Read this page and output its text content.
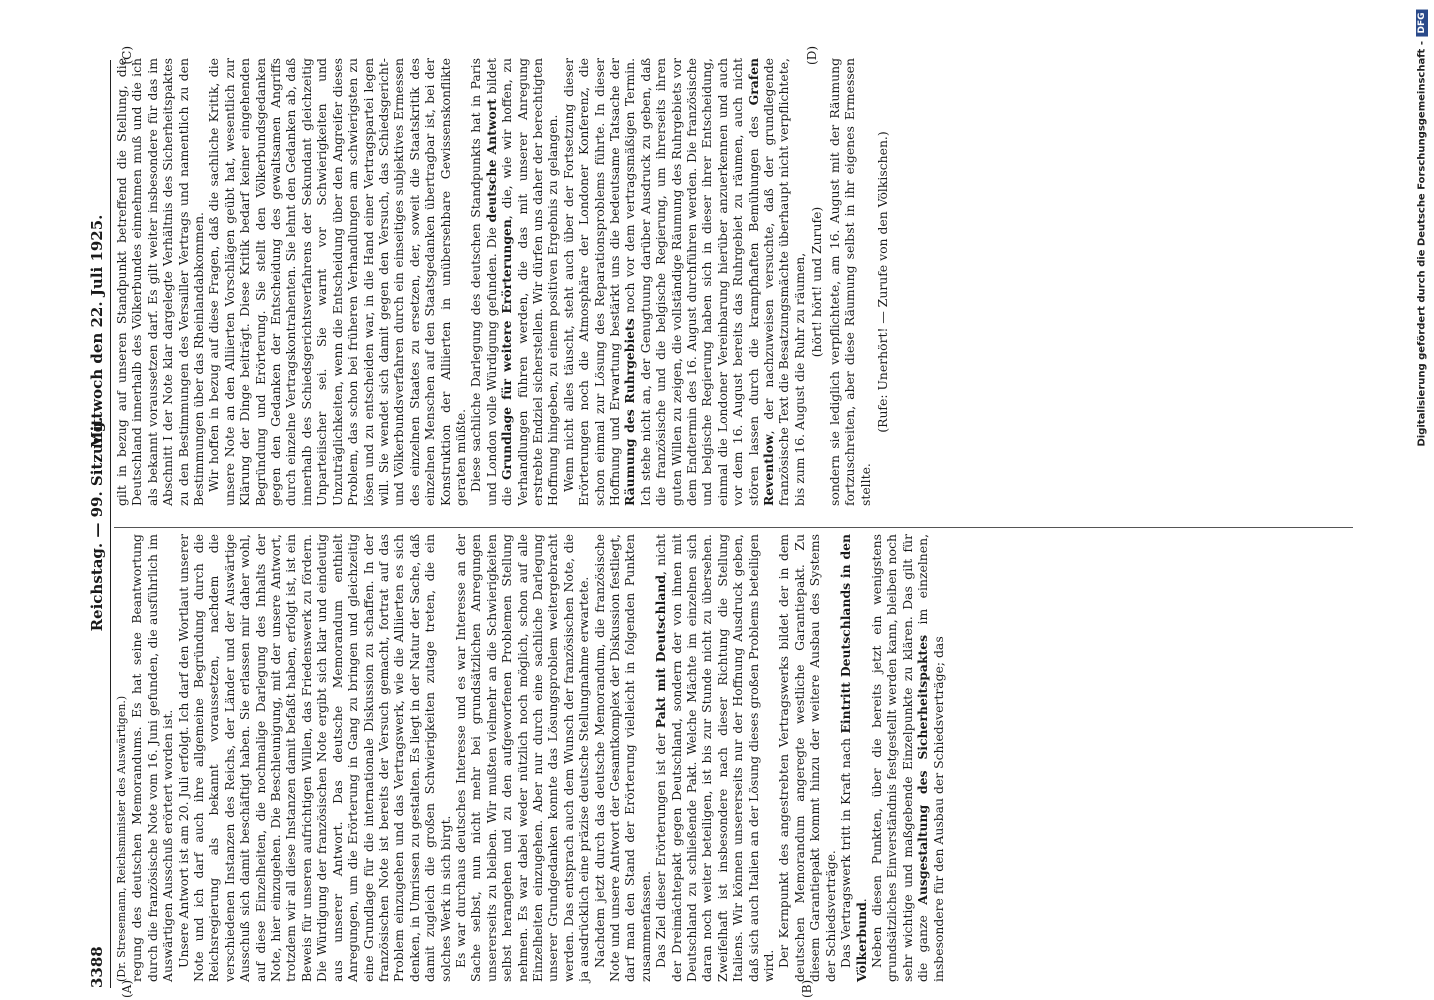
3388
Reichstag. — 99. Sitzung.
Mittwoch den 22. Juli 1925.
(A)	(B)
(C)	(D)

(Dr. Stresemann, Reichsminister des Auswärtigen.) regung des deutschen Memorandums. Es hat seine Beantwortung durch die französische Note vom 16. Juni gefunden, die ausführlich im Auswärtigen Ausschuß erörtert worden ist. Unsere Antwort ist am 20. Juli erfolgt. Ich darf den Wortlaut unserer Note und ich darf auch ihre allgemeine Begründung durch die Reichsregierung als bekannt voraussetzen, nachdem die verschiedenen Instanzen des Reichs, der Länder und der Auswärtige Ausschuß sich damit beschäftigt haben. Sie erlassen mir daher wohl, auf diese Einzelheiten, die nochmalige Darlegung des Inhalts der Note, hier einzugehen. Die Beschleunigung, mit der unsere Antwort, trotzdem wir all diese Instanzen damit befaßt haben, erfolgt ist, ist ein Beweis für unseren aufrichtigen Willen, das Friedenswerk zu fördern. Die Würdigung der französischen Note ergibt sich klar und eindeutig aus unserer Antwort. Das deutsche Memorandum enthielt Anregungen, um die Erörterung in Gang zu bringen und gleichzeitig eine Grundlage für die internationale Diskussion zu schaffen. In der französischen Note ist bereits der Versuch gemacht, fortrat auf das Problem einzugehen und das Vertragswerk, wie die Alliierten es sich denken, in Umrissen zu gestalten. Es liegt in der Natur der Sache, daß damit zugleich die großen Schwierigkeiten zutage treten, die ein solches Werk in sich birgt. Es war durchaus deutsches Interesse und es war Interesse an der Sache selbst, nun nicht mehr bei grundsätzlichen Anregungen unsererseits zu bleiben. Wir mußten vielmehr an die Schwierigkeiten selbst herangehen und zu den aufgeworfenen Problemen Stellung nehmen. Es war dabei weder nützlich noch möglich, schon auf alle Einzelheiten einzugehen. Aber nur durch eine sachliche Darlegung unserer Grundgedanken konnte das Lösungsproblem weitergebracht werden. Das entsprach auch dem Wunsch der französischen Note, die ja ausdrücklich eine präzise deutsche Stellungnahme erwartete. Nachdem jetzt durch das deutsche Memorandum, die französische Note und unsere Antwort der Gesamtkomplex der Diskussion festliegt, darf man den Stand der Erörterung vielleicht in folgenden Punkten zusammenfassen. Das Ziel dieser Erörterungen ist der Pakt mit Deutschland, nicht der Dreimächtepakt gegen Deutschland, sondern der von ihnen mit Deutschland zu schließende Pakt. Welche Mächte im einzelnen sich daran noch weiter beteiligen, ist bis zur Stunde nicht zu übersehen. Zweifelhaft ist insbesondere nach dieser Richtung die Stellung Italiens. Wir können unsererseits nur der Hoffnung Ausdruck geben, daß sich auch Italien an der Lösung dieses großen Problems beteiligen wird. Der Kernpunkt des angestrebten Vertragswerks bildet der in dem deutschen Memorandum angeregte westliche Garantiepakt. Zu diesem Garantiepakt kommt hinzu der weitere Ausbau des Systems der Schiedsverträge. Das Vertragswerk tritt in Kraft nach Eintritt Deutschlands in den Völkerbund. Neben diesen Punkten, über die bereits jetzt ein wenigstens grundsätzliches Einverständnis festgestellt werden kann, bleiben noch sehr wichtige und maßgebende Einzelpunkte zu klären. Das gilt für die ganze Ausgestaltung des Sicherheitspaktes im einzelnen, insbesondere für den Ausbau der Schiedsverträge; das

gilt in bezug auf unseren Standpunkt betreffend die Stellung, die Deutschland innerhalb des Völkerbundes einnehmen muß und die ich als bekannt voraussetzen darf. Es gilt weiter insbesondere für das im Abschnitt I der Note klar dargelegte Verhältnis des Sicherheitspaktes zu den Bestimmungen des Versailler Vertrags und namentlich zu den Bestimmungen über das Rheinlandabkommen. Wir hoffen in bezug auf diese Fragen, daß die sachliche Kritik, die unsere Note an den Alliierten Vorschlägen geübt hat, wesentlich zur Klärung der Dinge beiträgt. Diese Kritik bedarf keiner eingehenden Begründung und Erörterung. Sie stellt den Völkerbundsgedanken gegen den Gedanken der Entscheidung des gewaltsamen Angriffs durch einzelne Vertragskontrahenten. Sie lehnt den Gedanken ab, daß innerhalb des Schiedsgerichtsverfahrens der Sekundant gleichzeitig Unparteiischer sei. Sie warnt vor Schwierigkeiten und Unzuträglichkeiten, wenn die Entscheidung über den Angreifer dieses Problem, das schon bei früheren Verhandlungen am schwierigsten zu lösen und zu entscheiden war, in die Hand einer Vertragspartei legen will. Sie wendet sich damit gegen den Versuch, das Schiedsgericht- und Völkerbundsverfahren durch ein einseitiges subjektives Ermessen des einzelnen Staates zu ersetzen, der, soweit die Staatskritik des einzelnen Menschen auf den Staatsgedanken übertragbar ist, bei der Konstruktion der Alliierten in unübersehbare Gewissenskonflikte geraten müßte. Diese sachliche Darlegung des deutschen Standpunkts hat in Paris und London volle Würdigung gefunden. Die deutsche Antwort bildet die Grundlage für weitere Erörterungen, die, wie wir hoffen, zu Verhandlungen führen werden, die das mit unserer Anregung erstrebte Endziel sicherstellen. Wir dürfen uns daher der berechtigten Hoffnung hingeben, zu einem positiven Ergebnis zu gelangen. Wenn nicht alles täuscht, steht auch über der Fortsetzung dieser Erörterungen noch die Atmosphäre der Londoner Konferenz, die schon einmal zur Lösung des Reparationsproblems führte. In dieser Hoffnung und Erwartung bestärkt uns die bedeutsame Tatsache der Räumung des Ruhrgebiets noch vor dem vertragsmäßigen Termin. Ich stehe nicht an, der Genugtuung darüber Ausdruck zu geben, daß die französische und die belgische Regierung, um ihrerseits ihren guten Willen zu zeigen, die vollständige Räumung des Ruhrgebiets vor dem Endtermin des 16. August durchführen werden. Die französische und belgische Regierung haben sich in dieser ihrer Entscheidung, einmal die Londoner Vereinbarung hierüber anzuerkennen und auch vor dem 16. August bereits das Ruhrgebiet zu räumen, auch nicht stören lassen durch die krampfhaften Bemühungen des Grafen Reventlow, der nachzuweisen versuchte, daß der grundlegende französische Text die Besatzungsmächte überhaupt nicht verpflichtete, bis zum 16. August die Ruhr zu räumen, (hört! hört! und Zurufe) sondern sie lediglich verpflichtete, am 16. August mit der Räumung fortzuschreiten, aber diese Räumung selbst in ihr eigenes Ermessen stellte.

(Rufe: Unerhört! — Zurufe von den Völkischen.)	Digitalisierung gefördert durch die Deutsche Forschungsgemeinschaft -
DFG
